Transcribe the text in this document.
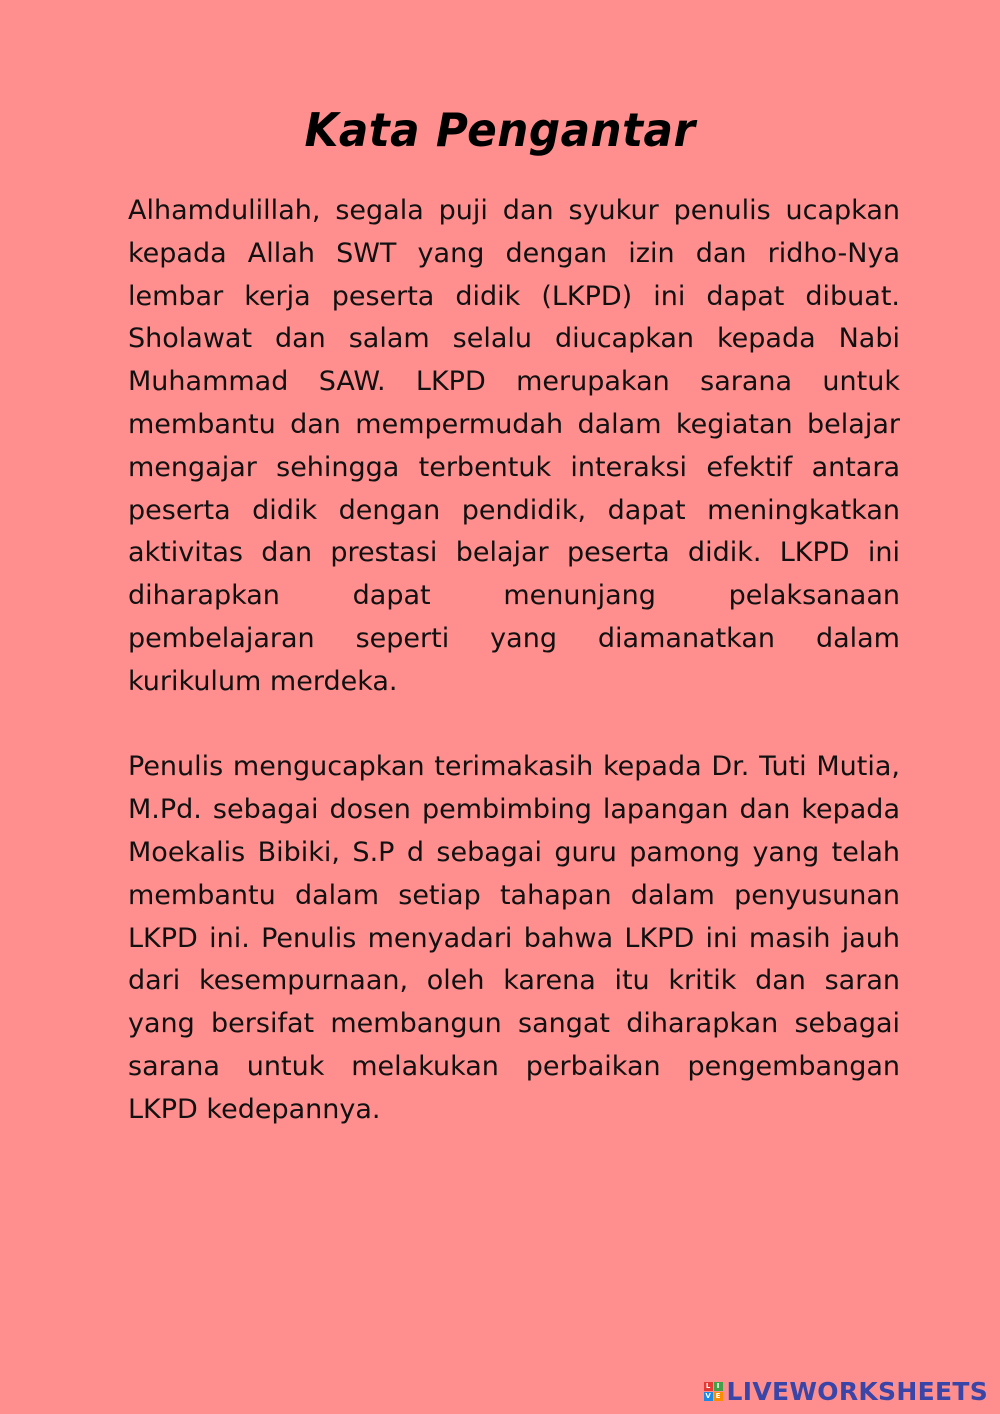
Kata Pengantar

Alhamdulillah, segala puji dan syukur penulis ucapkan kepada Allah SWT yang dengan izin dan ridho-Nya lembar kerja peserta didik (LKPD) ini dapat dibuat. Sholawat dan salam selalu diucapkan kepada Nabi Muhammad SAW. LKPD merupakan sarana untuk membantu dan mempermudah dalam kegiatan belajar mengajar sehingga terbentuk interaksi efektif antara peserta didik dengan pendidik, dapat meningkatkan aktivitas dan prestasi belajar peserta didik. LKPD ini diharapkan dapat menunjang pelaksanaan pembelajaran seperti yang diamanatkan dalam kurikulum merdeka.

Penulis mengucapkan terimakasih kepada Dr. Tuti Mutia, M.Pd. sebagai dosen pembimbing lapangan dan kepada Moekalis Bibiki, S.P d sebagai guru pamong yang telah membantu dalam setiap tahapan dalam penyusunan LKPD ini. Penulis menyadari bahwa LKPD ini masih jauh dari kesempurnaan, oleh karena itu kritik dan saran yang bersifat membangun sangat diharapkan sebagai sarana untuk melakukan perbaikan pengembangan LKPD kedepannya.

L I
V E LIVEWORKSHEETS
